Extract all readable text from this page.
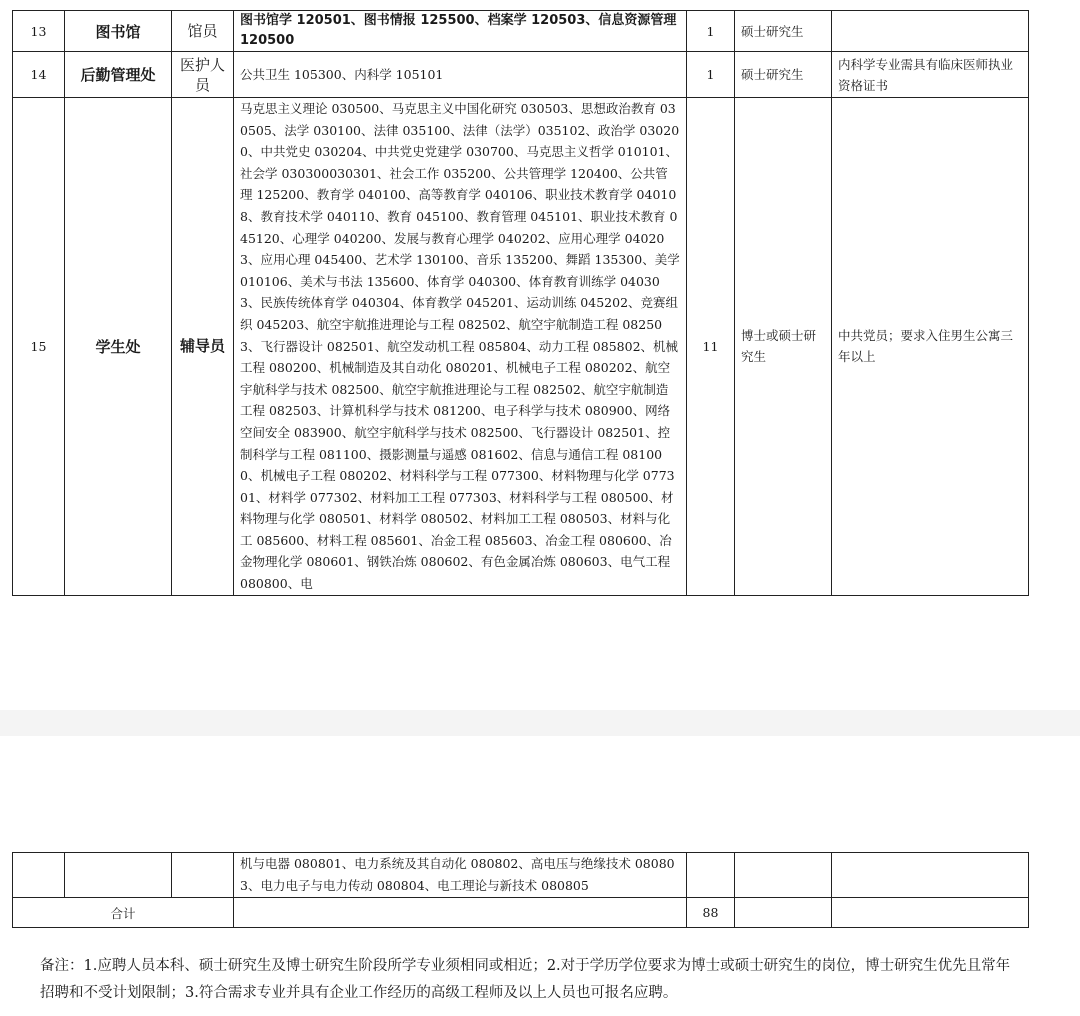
13	图书馆	馆员	图书馆学 120501、图书情报 125500、档案学 120503、信息资源管理 120500	1	硕士研究生	
14	后勤管理处	医护人员	公共卫生 105300、内科学 105101	1	硕士研究生	内科学专业需具有临床医师执业资格证书
15	学生处	辅导员	马克思主义理论 030500、马克思主义中国化研究 030503、思想政治教育 030505、法学 030100、法律 035100、法律（法学）035102、政治学 030200、中共党史 030204、中共党史党建学 030700、马克思主义哲学 010101、社会学 030300030301、社会工作 035200、公共管理学 120400、公共管理 125200、教育学 040100、高等教育学 040106、职业技术教育学 040108、教育技术学 040110、教育 045100、教育管理 045101、职业技术教育 045120、心理学 040200、发展与教育心理学 040202、应用心理学 040203、应用心理 045400、艺术学 130100、音乐 135200、舞蹈 135300、美学 010106、美术与书法 135600、体育学 040300、体育教育训练学 040303、民族传统体育学 040304、体育教学 045201、运动训练 045202、竞赛组织 045203、航空宇航推进理论与工程 082502、航空宇航制造工程 082503、飞行器设计 082501、航空发动机工程 085804、动力工程 085802、机械工程 080200、机械制造及其自动化 080201、机械电子工程 080202、航空宇航科学与技术 082500、航空宇航推进理论与工程 082502、航空宇航制造工程 082503、计算机科学与技术 081200、电子科学与技术 080900、网络空间安全 083900、航空宇航科学与技术 082500、飞行器设计 082501、控制科学与工程 081100、摄影测量与遥感 081602、信息与通信工程 081000、机械电子工程 080202、材料科学与工程 077300、材料物理与化学 077301、材料学 077302、材料加工工程 077303、材料科学与工程 080500、材料物理与化学 080501、材料学 080502、材料加工工程 080503、材料与化工 085600、材料工程 085601、冶金工程 085603、冶金工程 080600、冶金物理化学 080601、钢铁冶炼 080602、有色金属冶炼 080603、电气工程 080800、电	11	博士或硕士研究生	中共党员；要求入住男生公寓三年以上
			机与电器 080801、电力系统及其自动化 080802、高电压与绝缘技术 080803、电力电子与电力传动 080804、电工理论与新技术 080805			
合计				88		
备注：1.应聘人员本科、硕士研究生及博士研究生阶段所学专业须相同或相近；2.对于学历学位要求为博士或硕士研究生的岗位，博士研究生优先且常年招聘和不受计划限制；3.符合需求专业并具有企业工作经历的高级工程师及以上人员也可报名应聘。
